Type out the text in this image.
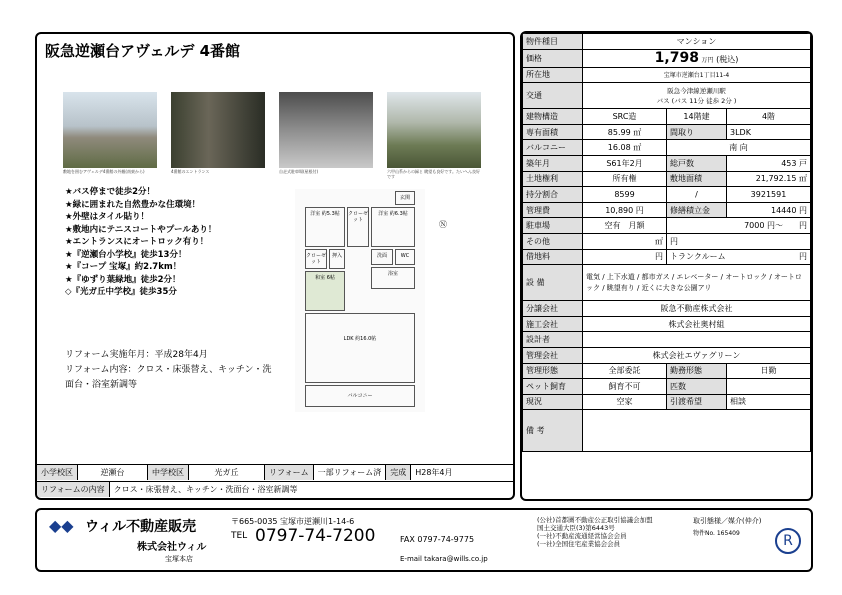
阪急逆瀬台アヴェルデ 4番館
敷地を囲むアヴェルデ4番館の外観(南東から)	4番館のエントランス	自走式駐車場(屋根付)	六甲山系からの緑と 眺望も良好です。たいへん良好です
★バス停まで徒歩2分！
★緑に囲まれた自然豊かな住環境！
★外壁はタイル貼り！
★敷地内にテニスコートやプールあり！
★エントランスにオートロック有り！
★『逆瀬台小学校』徒歩13分！
★『コープ 宝塚』約2.7km！
★『ゆずり葉緑地』徒歩2分！
◇『光ガ丘中学校』徒歩35分
リフォーム実施年月：平成28年4月
リフォーム内容：クロス・床張替え、キッチン・洗面台・浴室新調等
洋室 約5.3帖	クローゼット
洋室 約6.3帖
玄関
クローゼット
押入	洗面	WC
浴室
和室 6帖
LDK 約16.0帖
バルコニー
Ⓝ
小学校区	逆瀬台	中学校区	光ガ丘	リフォーム	一部リフォーム済	完成	H28年4月
リフォームの内容	クロス・床張替え、キッチン・洗面台・浴室新調等
物件種目	マンション		
価格	1,798 万円 (税込)		
所在地	宝塚市逆瀬台1丁目11-4		
交通	阪急今津線逆瀬川駅
バス (バス 11分 徒歩 2分 )		

建物構造	SRC造	14階建	4階
専有面積	85.99 ㎡	間取り	3LDK
バルコニー	16.08 ㎡	南 向	
築年月	S61年2月	総戸数	453 戸
土地権利	所有権	敷地面積	21,792.15 ㎡
持分割合	8599	/	3921591
管理費	10,890 円	修繕積立金	14440 円
駐車場	空有　 月額	7000 円～　　 円	
その他	㎡	円	
借地料	円	トランクルーム 円	

設 備	電気 / 上下水道 / 都市ガス / エレベーター / オートロック / オートロック / 眺望有り / 近くに大きな公園アリ		
分譲会社	阪急不動産株式会社		
施工会社	株式会社奥村組		
設計者			
管理会社	株式会社エヴァグリーン		
管理形態	全部委託	勤務形態	日勤
ペット飼育	飼育不可	匹数	
現況	空家	引渡希望	相談
備 考			
◆◆ ウィル不動産販売
株式会社ウィル
宝塚本店
〒665-0035 宝塚市逆瀬川1-14-6
TEL 0797-74-7200	FAX 0797-74-9775
E-mail takara@wills.co.jp
(公社)首都圏不動産公正取引協議会加盟
国土交通大臣(3)第6443号
(一社)不動産流通経営協会会員
(一社)全国住宅産業協会会員
取引態様／媒介(仲介)
物件No. 165409	R
